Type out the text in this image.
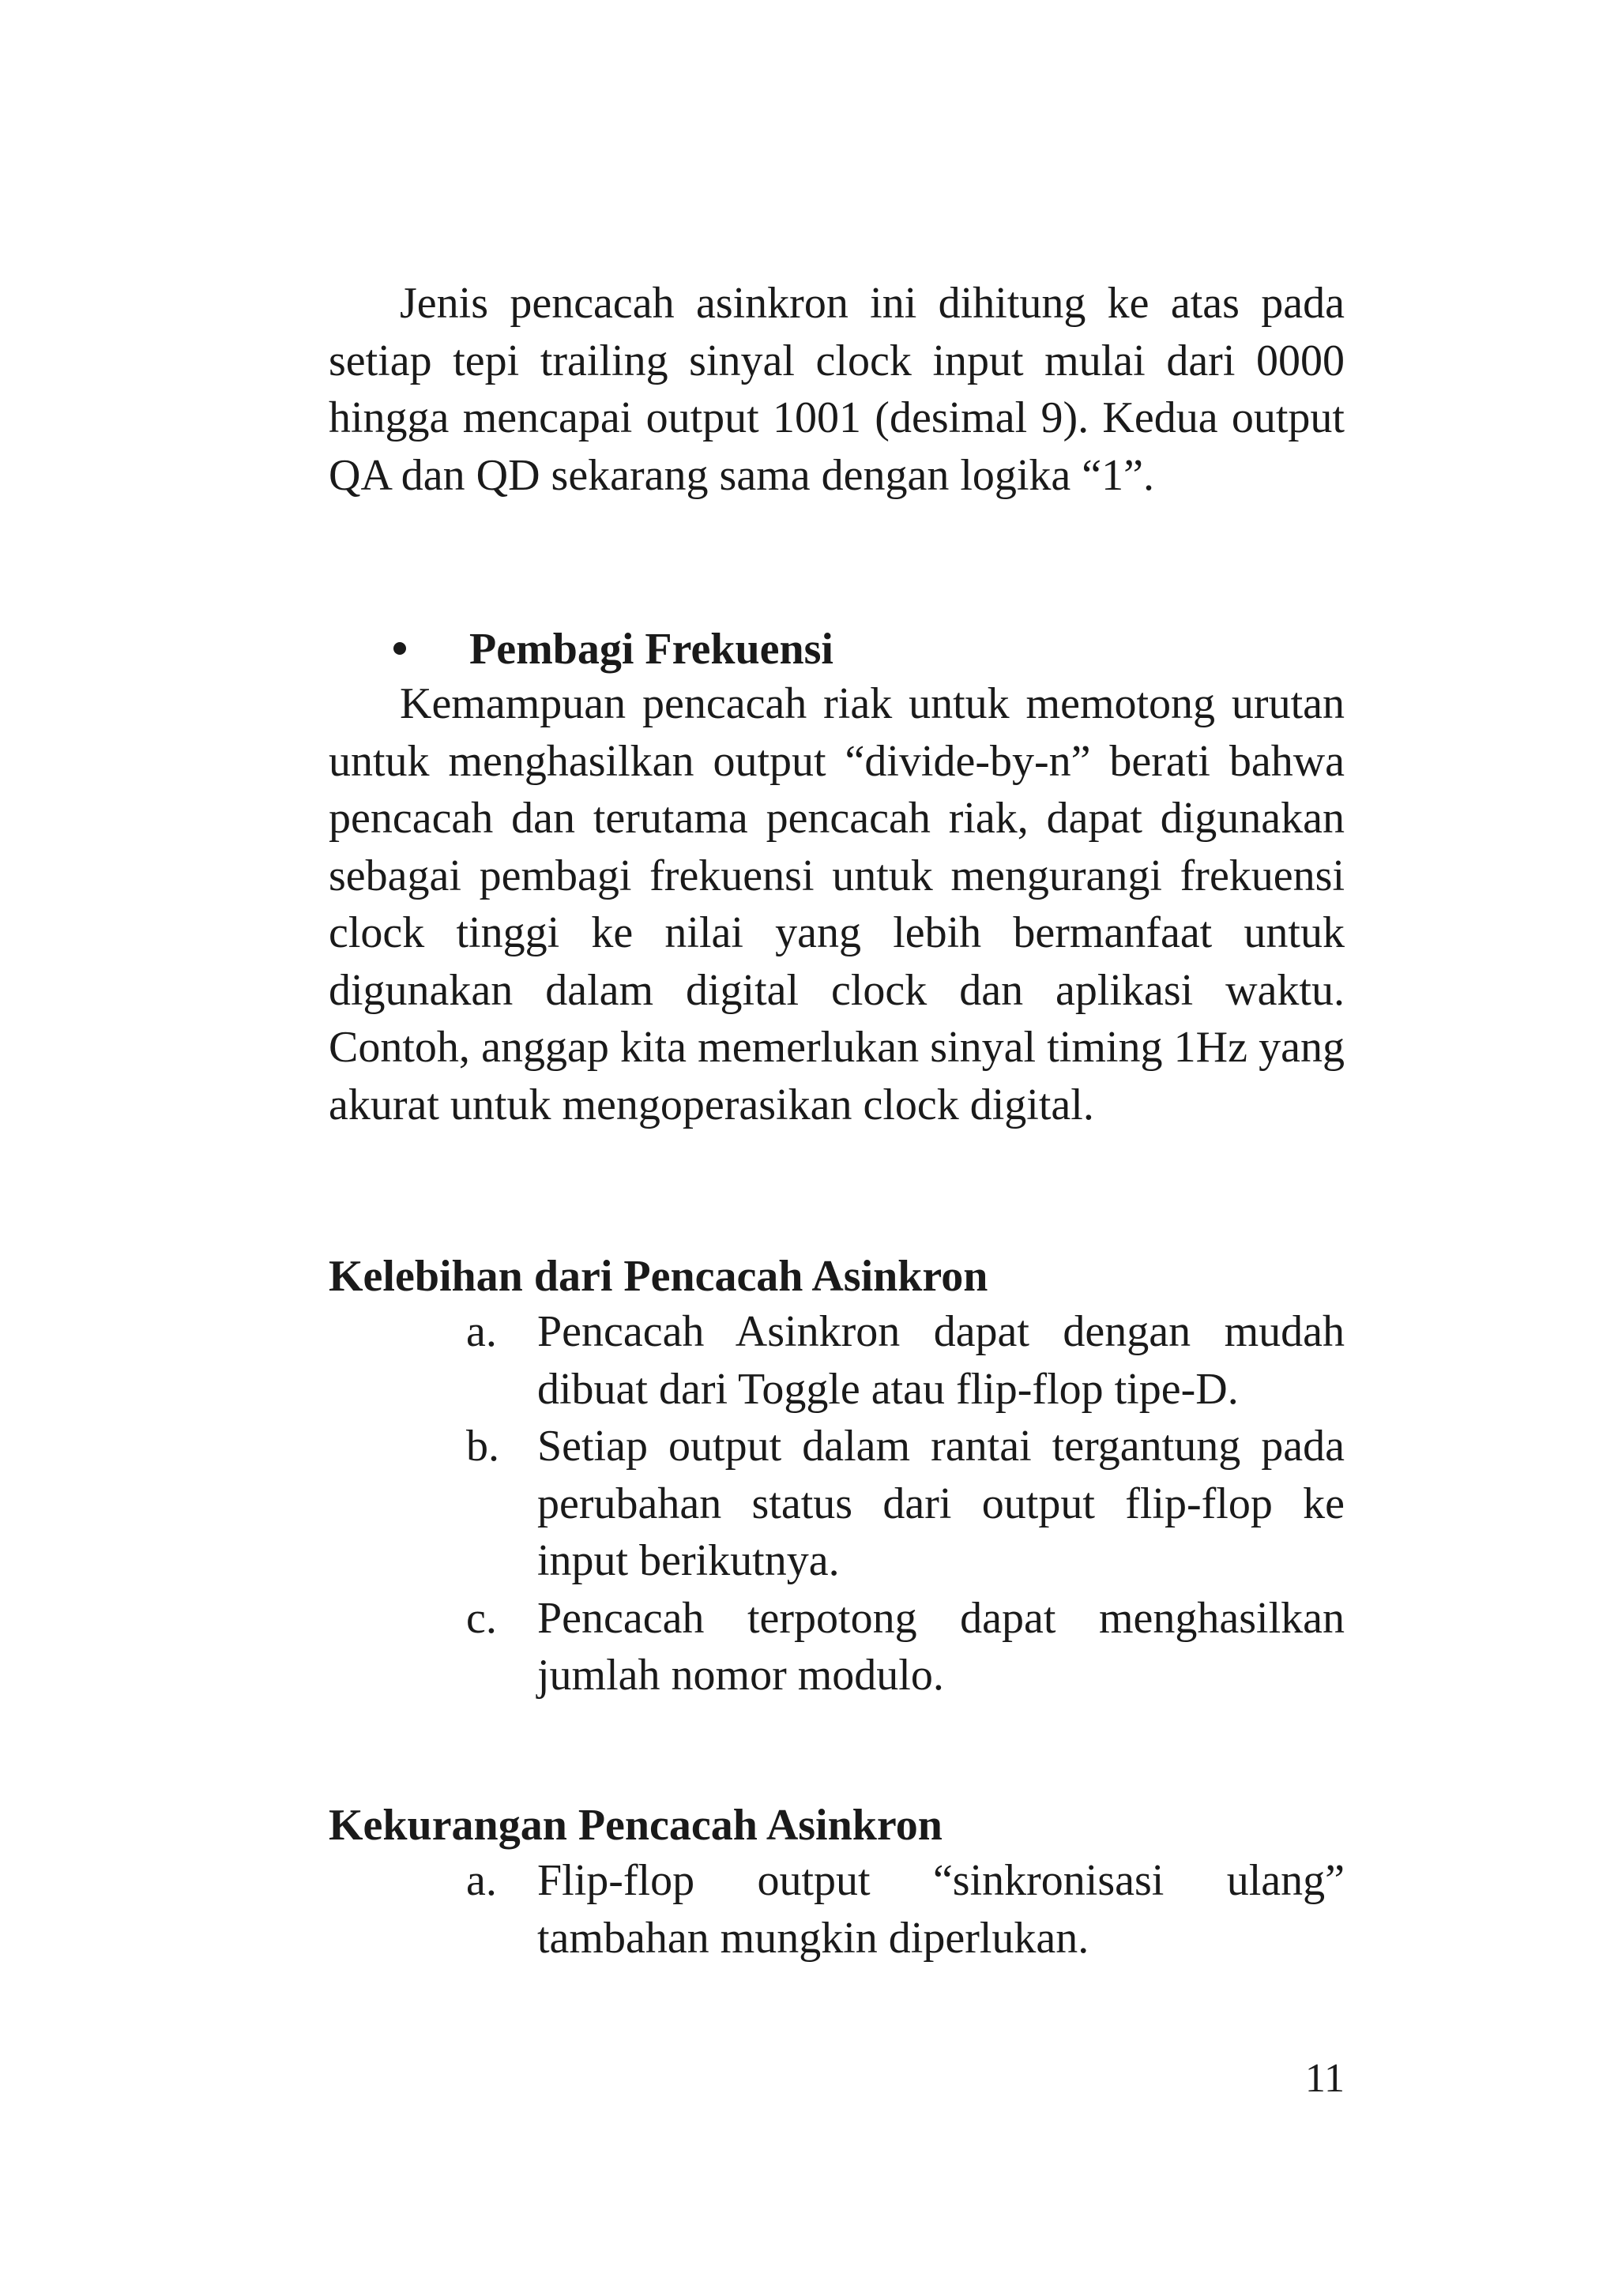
Jenis pencacah asinkron ini dihitung ke atas pada setiap tepi trailing sinyal clock input mulai dari 0000 hingga mencapai output 1001 (desimal 9). Kedua output QA dan QD sekarang sama dengan logika “1”.

Pembagi Frekuensi

Kemampuan pencacah riak untuk memotong urutan untuk menghasilkan output “divide-by-n” berati bahwa pencacah dan terutama pencacah riak, dapat digunakan sebagai pembagi frekuensi untuk mengurangi frekuensi clock tinggi ke nilai yang lebih bermanfaat untuk digunakan dalam digital clock dan aplikasi waktu. Contoh, anggap kita memerlukan sinyal timing 1Hz yang akurat untuk mengoperasikan clock digital.

Kelebihan dari Pencacah Asinkron

a. Pencacah Asinkron dapat dengan mudah dibuat dari Toggle atau flip-flop tipe-D.
b. Setiap output dalam rantai tergantung pada perubahan status dari output flip-flop ke input berikutnya.
c. Pencacah terpotong dapat menghasilkan jumlah nomor modulo.

Kekurangan Pencacah Asinkron

a. Flip-flop output “sinkronisasi ulang” tambahan mungkin diperlukan.

11
